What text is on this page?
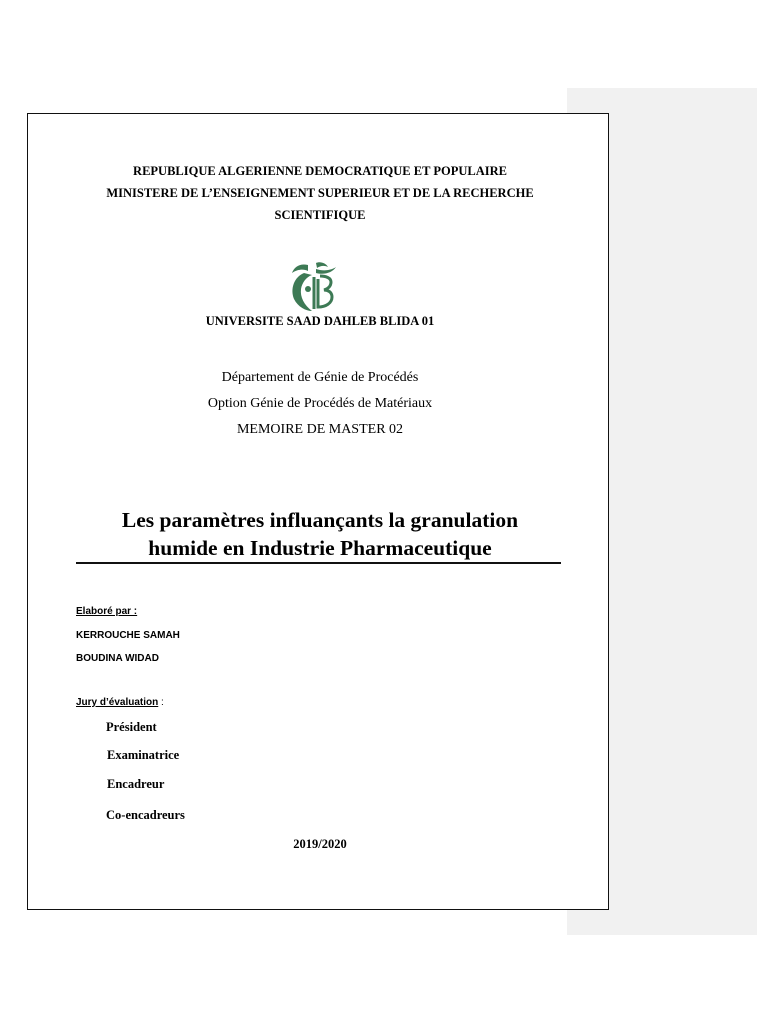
REPUBLIQUE ALGERIENNE DEMOCRATIQUE ET POPULAIRE
MINISTERE DE L’ENSEIGNEMENT SUPERIEUR ET DE LA RECHERCHE
SCIENTIFIQUE
UNIVERSITE SAAD DAHLEB BLIDA 01
Département de Génie de Procédés
Option Génie de Procédés de Matériaux
MEMOIRE DE MASTER 02
Les paramètres influançants la granulation
humide en Industrie Pharmaceutique
Elaboré par :
KERROUCHE SAMAH
BOUDINA WIDAD
Jury d’évaluation :
Président
Examinatrice
Encadreur
Co-encadreurs
2019/2020
